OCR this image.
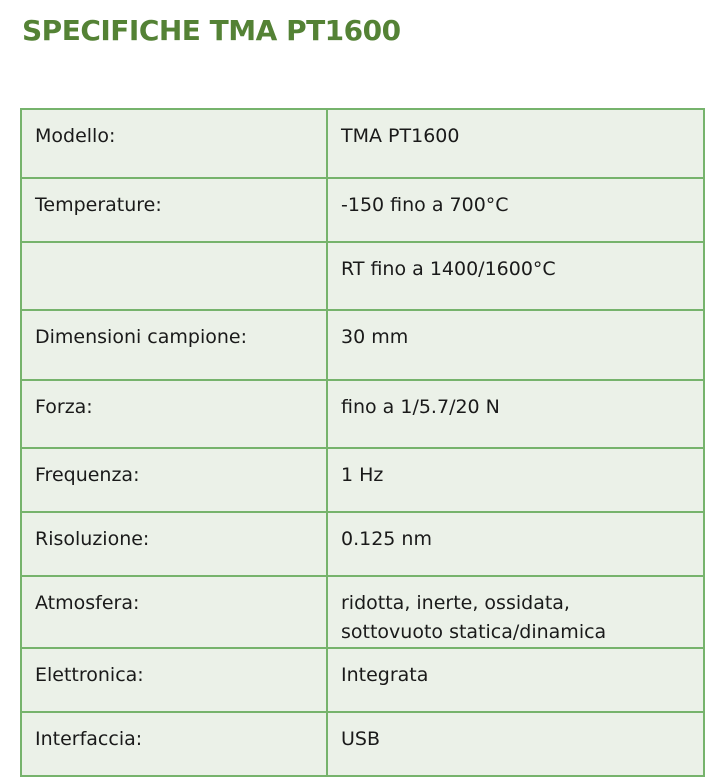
SPECIFICHE TMA PT1600
Modello:	TMA PT1600

Temperature:	-150 fino a 700°C

	RT fino a 1400/1600°C

Dimensioni campione:	30 mm

Forza:	fino a 1/5.7/20 N

Frequenza:	1 Hz

Risoluzione:	0.125 nm

Atmosfera:	ridotta, inerte, ossidata,
sottovuoto statica/dinamica

Elettronica:	Integrata

Interfaccia:	USB
